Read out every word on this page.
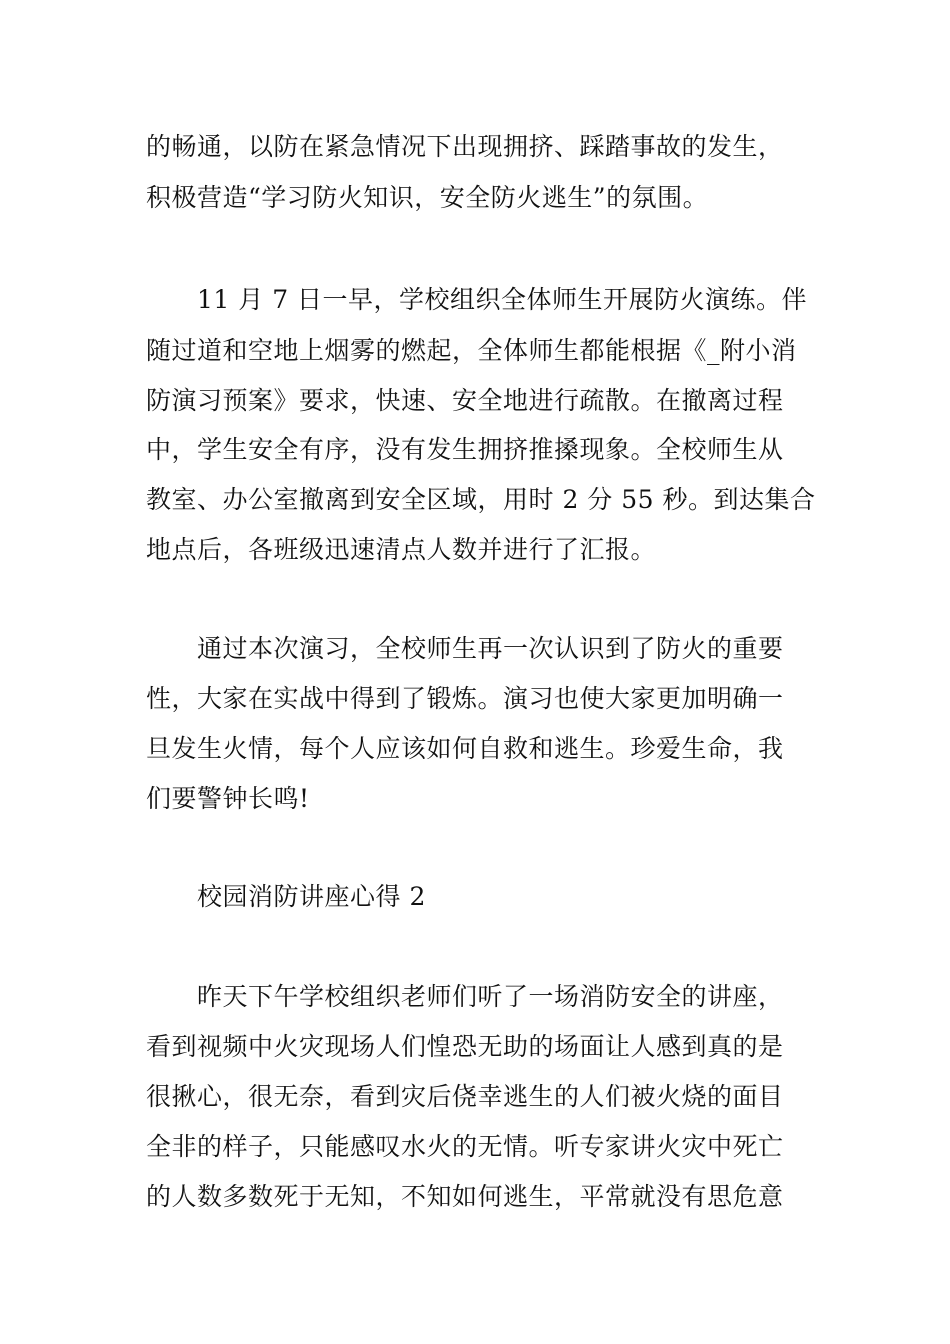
的畅通，以防在紧急情况下出现拥挤、踩踏事故的发生，
积极营造“学习防火知识，安全防火逃生”的氛围。
11 月 7 日一早，学校组织全体师生开展防火演练。伴
随过道和空地上烟雾的燃起，全体师生都能根据《_附小消
防演习预案》要求，快速、安全地进行疏散。在撤离过程
中，学生安全有序，没有发生拥挤推搡现象。全校师生从
教室、办公室撤离到安全区域，用时 2 分 55 秒。到达集合
地点后，各班级迅速清点人数并进行了汇报。
通过本次演习，全校师生再一次认识到了防火的重要
性，大家在实战中得到了锻炼。演习也使大家更加明确一
旦发生火情，每个人应该如何自救和逃生。珍爱生命，我
们要警钟长鸣!
校园消防讲座心得 2
昨天下午学校组织老师们听了一场消防安全的讲座，
看到视频中火灾现场人们惶恐无助的场面让人感到真的是
很揪心，很无奈，看到灾后侥幸逃生的人们被火烧的面目
全非的样子，只能感叹水火的无情。听专家讲火灾中死亡
的人数多数死于无知，不知如何逃生，平常就没有思危意
